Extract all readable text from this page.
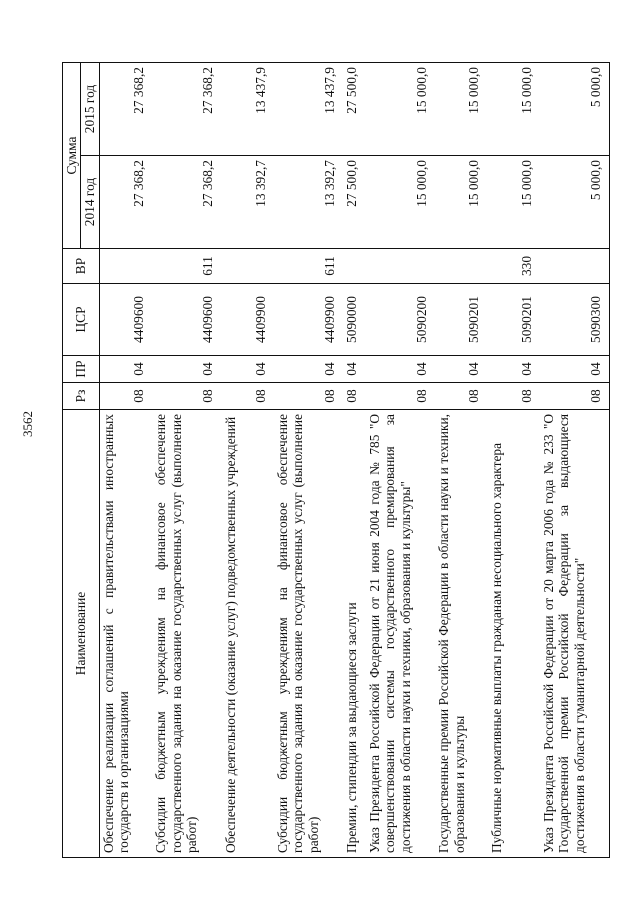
3562
Наименование	Рз	ПР	ЦСР	ВР	Сумма	
					2014 год	2015 год
Обеспечение реализации соглашений с правительствами иностранных государств и организациями	08	04	4409600		27 368,2	27 368,2

Субсидии бюджетным учреждениям на финансовое обеспечение государственного задания на оказание государственных услуг (выполнение работ)	08	04	4409600	611	27 368,2	27 368,2

Обеспечение деятельности (оказание услуг) подведомственных учреждений	08	04	4409900		13 392,7	13 437,9

Субсидии бюджетным учреждениям на финансовое обеспечение государственного задания на оказание государственных услуг (выполнение работ)	08	04	4409900	611	13 392,7	13 437,9

Премии, стипендии за выдающиеся заслуги	08	04	5090000		27 500,0	27 500,0
Указ Президента Российской Федерации от 21 июня 2004 года № 785 "О совершенствовании системы государственного премирования за достижения в области науки и техники, образования и культуры"	08	04	5090200		15 000,0	15 000,0

Государственные премии Российской Федерации в области науки и техники, образования и культуры	08	04	5090201		15 000,0	15 000,0

Публичные нормативные выплаты гражданам несоциального характера	08	04	5090201	330	15 000,0	15 000,0

Указ Президента Российской Федерации от 20 марта 2006 года № 233 "О Государственной премии Российской Федерации за выдающиеся достижения в области гуманитарной деятельности"	08	04	5090300		5 000,0	5 000,0
